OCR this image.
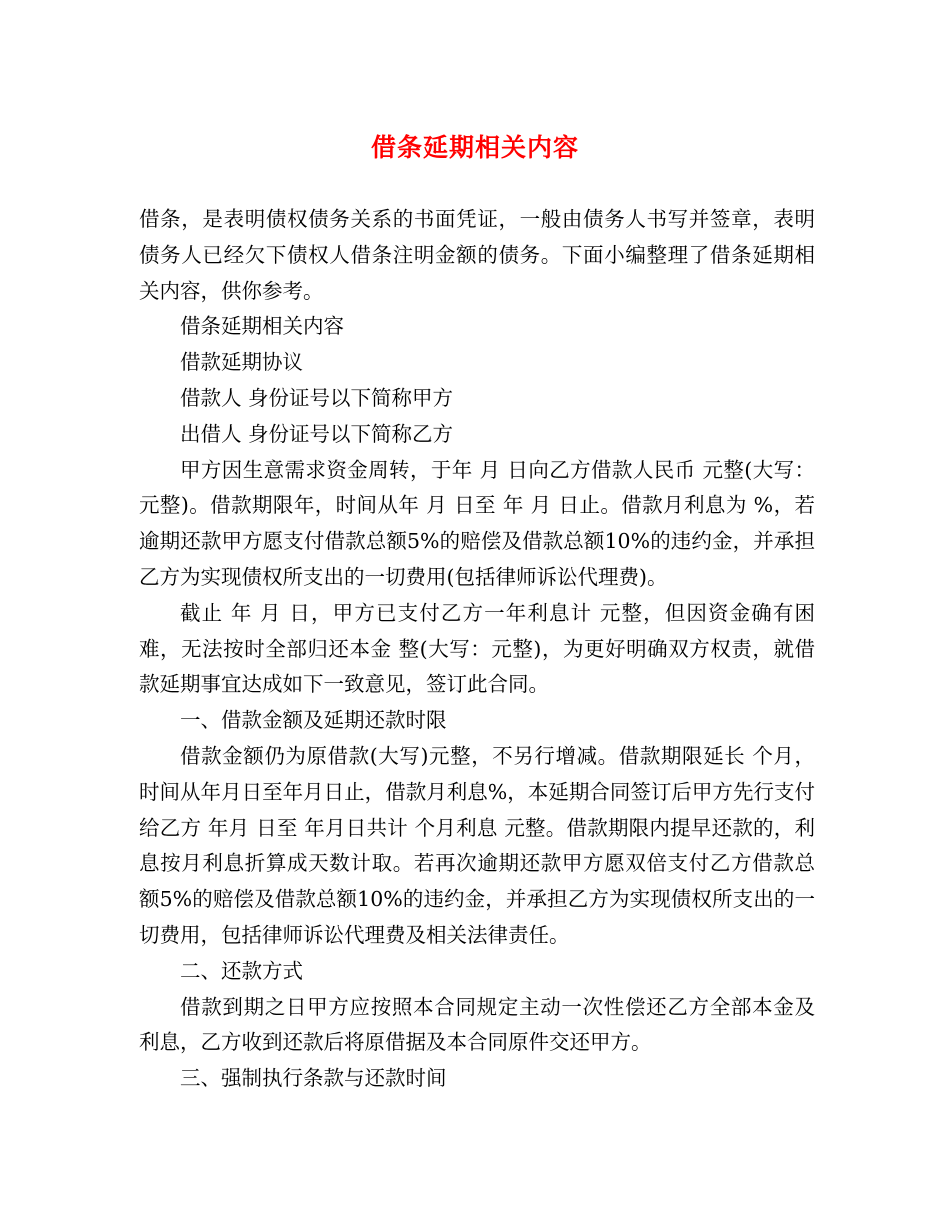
借条延期相关内容

借条，是表明债权债务关系的书面凭证，一般由债务人书写并签章，表明债务人已经欠下债权人借条注明金额的债务。下面小编整理了借条延期相关内容，供你参考。

借条延期相关内容

借款延期协议

借款人 身份证号以下简称甲方

出借人 身份证号以下简称乙方

甲方因生意需求资金周转，于年 月 日向乙方借款人民币 元整(大写：元整)。借款期限年，时间从年 月 日至 年 月 日止。借款月利息为 %，若逾期还款甲方愿支付借款总额5%的赔偿及借款总额10%的违约金，并承担乙方为实现债权所支出的一切费用(包括律师诉讼代理费)。

截止 年 月 日，甲方已支付乙方一年利息计 元整，但因资金确有困难，无法按时全部归还本金 整(大写：元整)，为更好明确双方权责，就借款延期事宜达成如下一致意见，签订此合同。

一、借款金额及延期还款时限

借款金额仍为原借款(大写)元整，不另行增减。借款期限延长 个月，时间从年月日至年月日止，借款月利息%，本延期合同签订后甲方先行支付给乙方 年月 日至 年月日共计 个月利息 元整。借款期限内提早还款的，利息按月利息折算成天数计取。若再次逾期还款甲方愿双倍支付乙方借款总额5%的赔偿及借款总额10%的违约金，并承担乙方为实现债权所支出的一切费用，包括律师诉讼代理费及相关法律责任。

二、还款方式

借款到期之日甲方应按照本合同规定主动一次性偿还乙方全部本金及利息，乙方收到还款后将原借据及本合同原件交还甲方。

三、强制执行条款与还款时间
